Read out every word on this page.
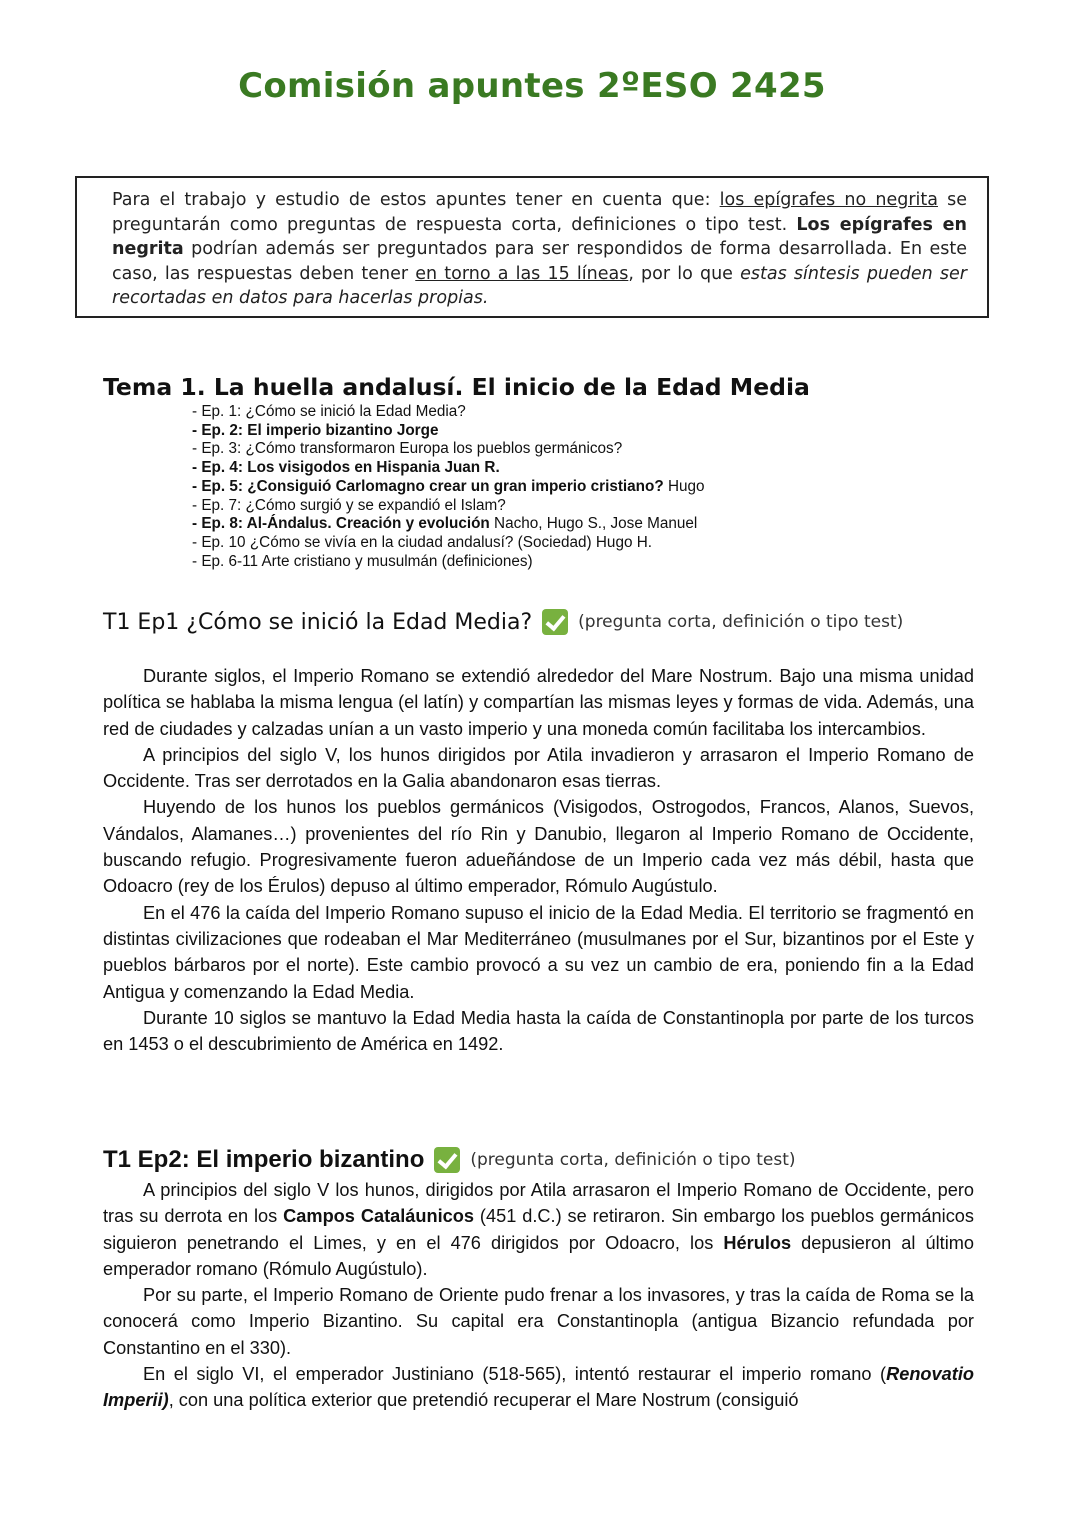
Comisión apuntes 2ºESO 2425
Para el trabajo y estudio de estos apuntes tener en cuenta que: los epígrafes no negrita se preguntarán como preguntas de respuesta corta, definiciones o tipo test. Los epígrafes en negrita podrían además ser preguntados para ser respondidos de forma desarrollada. En este caso, las respuestas deben tener en torno a las 15 líneas, por lo que estas síntesis pueden ser recortadas en datos para hacerlas propias.
Tema 1. La huella andalusí. El inicio de la Edad Media
- Ep. 1: ¿Cómo se inició la Edad Media?
- Ep. 2: El imperio bizantino Jorge
- Ep. 3: ¿Cómo transformaron Europa los pueblos germánicos?
- Ep. 4: Los visigodos en Hispania Juan R.
- Ep. 5: ¿Consiguió Carlomagno crear un gran imperio cristiano? Hugo
- Ep. 7: ¿Cómo surgió y se expandió el Islam?
- Ep. 8: Al-Ándalus. Creación y evolución Nacho, Hugo S., Jose Manuel
- Ep. 10 ¿Cómo se vivía en la ciudad andalusí? (Sociedad) Hugo H.
- Ep. 6-11 Arte cristiano y musulmán (definiciones)
T1 Ep1 ¿Cómo se inició la Edad Media?	(pregunta corta, definición o tipo test)

Durante siglos, el Imperio Romano se extendió alrededor del Mare Nostrum. Bajo una misma unidad política se hablaba la misma lengua (el latín) y compartían las mismas leyes y formas de vida. Además, una red de ciudades y calzadas unían a un vasto imperio y una moneda común facilitaba los intercambios.

A principios del siglo V, los hunos dirigidos por Atila invadieron y arrasaron el Imperio Romano de Occidente. Tras ser derrotados en la Galia abandonaron esas tierras.

Huyendo de los hunos los pueblos germánicos (Visigodos, Ostrogodos, Francos, Alanos, Suevos, Vándalos, Alamanes…) provenientes del río Rin y Danubio, llegaron al Imperio Romano de Occidente, buscando refugio. Progresivamente fueron adueñándose de un Imperio cada vez más débil, hasta que Odoacro (rey de los Érulos) depuso al último emperador, Rómulo Augústulo.

En el 476 la caída del Imperio Romano supuso el inicio de la Edad Media. El territorio se fragmentó en distintas civilizaciones que rodeaban el Mar Mediterráneo (musulmanes por el Sur, bizantinos por el Este y pueblos bárbaros por el norte). Este cambio provocó a su vez un cambio de era, poniendo fin a la Edad Antigua y comenzando la Edad Media.

Durante 10 siglos se mantuvo la Edad Media hasta la caída de Constantinopla por parte de los turcos en 1453 o el descubrimiento de América en 1492.

T1 Ep2: El imperio bizantino	(pregunta corta, definición o tipo test)

A principios del siglo V los hunos, dirigidos por Atila arrasaron el Imperio Romano de Occidente, pero tras su derrota en los Campos Cataláunicos (451 d.C.) se retiraron. Sin embargo los pueblos germánicos siguieron penetrando el Limes, y en el 476 dirigidos por Odoacro, los Hérulos depusieron al último emperador romano (Rómulo Augústulo).

Por su parte, el Imperio Romano de Oriente pudo frenar a los invasores, y tras la caída de Roma se la conocerá como Imperio Bizantino. Su capital era Constantinopla (antigua Bizancio refundada por Constantino en el 330).

En el siglo VI, el emperador Justiniano (518-565), intentó restaurar el imperio romano (Renovatio Imperii), con una política exterior que pretendió recuperar el Mare Nostrum (consiguió
